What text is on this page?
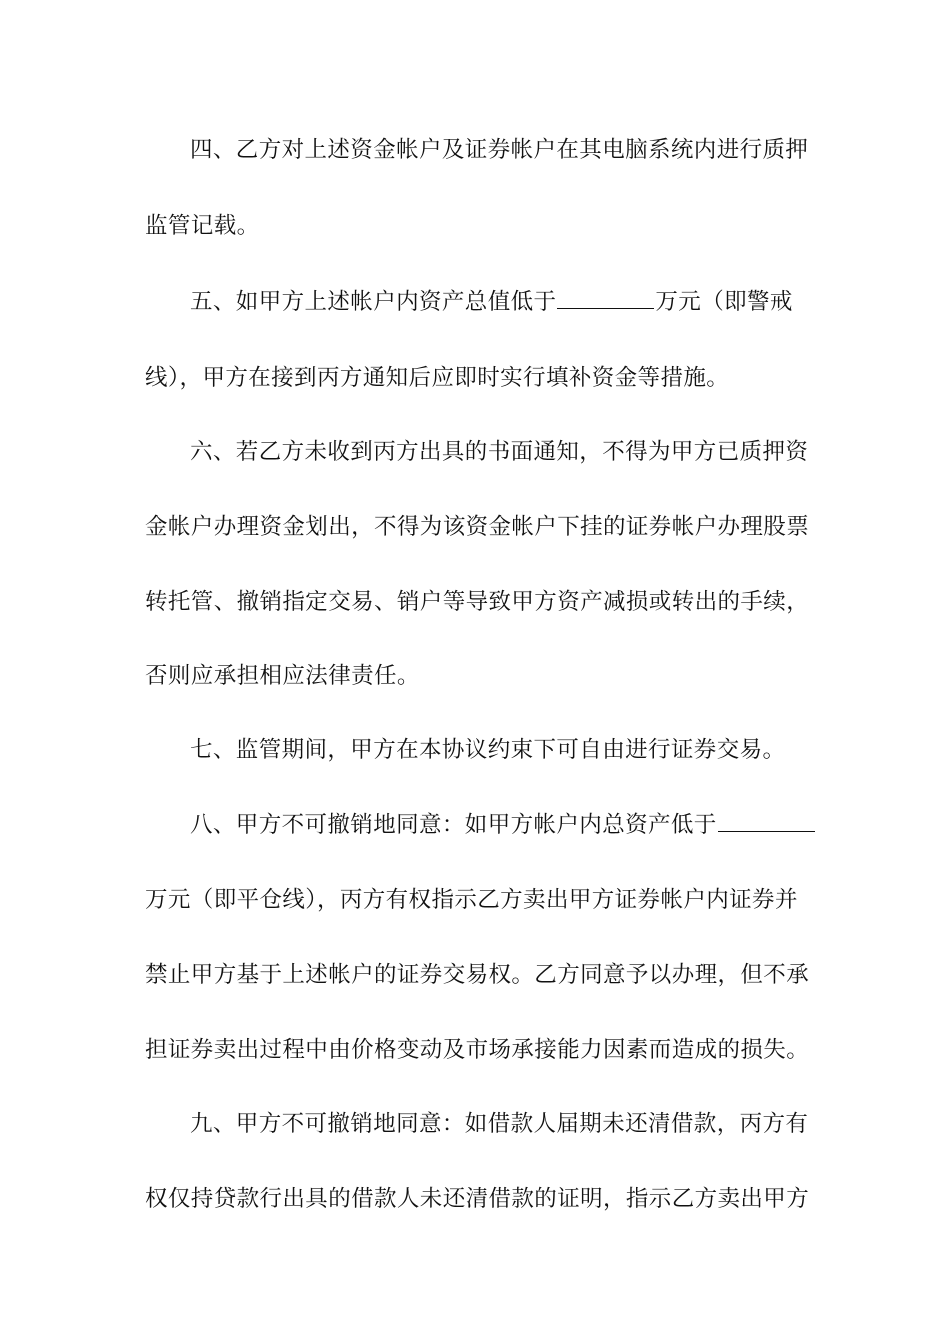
四、乙方对上述资金帐户及证券帐户在其电脑系统内进行质押

监管记载。

五、如甲方上述帐户内资产总值低于	万元（即警戒

线），甲方在接到丙方通知后应即时实行填补资金等措施。

六、若乙方未收到丙方出具的书面通知，不得为甲方已质押资

金帐户办理资金划出，不得为该资金帐户下挂的证券帐户办理股票

转托管、撤销指定交易、销户等导致甲方资产减损或转出的手续，

否则应承担相应法律责任。

七、监管期间，甲方在本协议约束下可自由进行证券交易。

八、甲方不可撤销地同意：如甲方帐户内总资产低于

万元（即平仓线），丙方有权指示乙方卖出甲方证券帐户内证券并

禁止甲方基于上述帐户的证券交易权。乙方同意予以办理，但不承

担证券卖出过程中由价格变动及市场承接能力因素而造成的损失。

九、甲方不可撤销地同意：如借款人届期未还清借款，丙方有

权仅持贷款行出具的借款人未还清借款的证明，指示乙方卖出甲方
